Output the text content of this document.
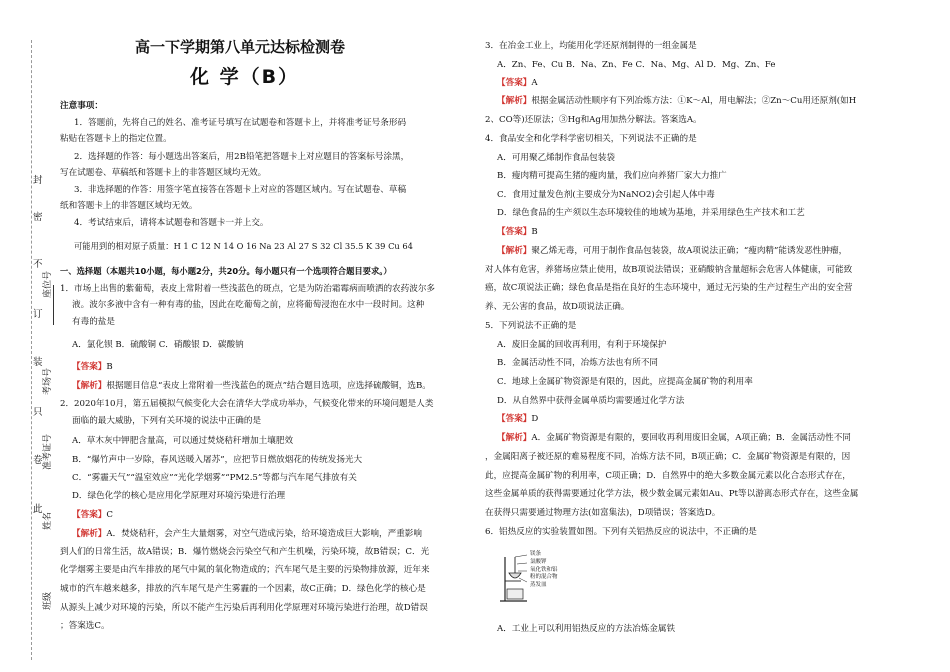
封
密
不
订
装
只
卷
此
座位号
考场号
准考证号
姓名
班级
高一下学期第八单元达标检测卷
化 学（B）
注意事项：
1．答题前，先将自己的姓名、准考证号填写在试题卷和答题卡上，并将准考证号条形码
粘贴在答题卡上的指定位置。
2．选择题的作答：每小题选出答案后，用2B铅笔把答题卡上对应题目的答案标号涂黑，
写在试题卷、草稿纸和答题卡上的非答题区域均无效。
3．非选择题的作答：用签字笔直接答在答题卡上对应的答题区域内。写在试题卷、草稿
纸和答题卡上的非答题区域均无效。
4．考试结束后，请将本试题卷和答题卡一并上交。
可能用到的相对原子质量：H 1 C 12 N 14 O 16 Na 23 Al 27 S 32 Cl 35.5 K 39 Cu 64
一、选择题（本题共10小题，每小题2分，共20分。每小题只有一个选项符合题目要求。）
1．市场上出售的紫葡萄，表皮上常附着一些浅蓝色的斑点，它是为防治霜霉病而喷洒的农药波尔多
液。波尔多液中含有一种有毒的盐，因此在吃葡萄之前，应将葡萄浸泡在水中一段时间。这种
有毒的盐是
A．氯化钡 B．硫酸铜 C．硝酸银 D．碳酸钠
【答案】B
【解析】根据题目信息“表皮上常附着一些浅蓝色的斑点”结合题目选项，应选择硫酸铜，选B。
2．2020年10月，第五届模拟气候变化大会在清华大学成功举办，气候变化带来的环境问题是人类
面临的最大威胁，下列有关环境的说法中正确的是
A．草木灰中钾肥含量高，可以通过焚烧秸秆增加土壤肥效
B．“爆竹声中一岁除，春风送暖入屠苏”，应把节日燃放烟花的传统发扬光大
C．“雾霾天气”“温室效应”“光化学烟雾”“PM2.5”等都与汽车尾气排放有关
D．绿色化学的核心是应用化学原理对环境污染进行治理
【答案】C
【解析】A．焚烧秸秆，会产生大量烟雾，对空气造成污染，给环境造成巨大影响，严重影响
到人们的日常生活，故A错误；B．爆竹燃烧会污染空气和产生机噪，污染环境，故B错误；C．光
化学烟雾主要是由汽车排放的尾气中氮的氧化物造成的；汽车尾气是主要的污染物排放源，近年来
城市的汽车越来越多，排放的汽车尾气是产生雾霾的一个因素，故C正确；D．绿色化学的核心是
从源头上减少对环境的污染，所以不能产生污染后再利用化学原理对环境污染进行治理，故D错误
；答案选C。
3．在冶金工业上，均能用化学还原剂制得的一组金属是
A．Zn、Fe、Cu B．Na、Zn、Fe C．Na、Mg、Al D．Mg、Zn、Fe
【答案】A
【解析】根据金属活动性顺序有下列冶炼方法：①K～Al，用电解法；②Zn～Cu用还原剂(如H
2、CO等)还原法；③Hg和Ag用加热分解法。答案选A。
4．食品安全和化学科学密切相关，下列说法不正确的是
A．可用聚乙烯制作食品包装袋
B．瘦肉精可提高生猪的瘦肉量，我们应向养猪厂家大力推广
C．食用过量发色剂(主要成分为NaNO2)会引起人体中毒
D．绿色食品的生产须以生态环境较佳的地域为基地，并采用绿色生产技术和工艺
【答案】B
【解析】聚乙烯无毒，可用于制作食品包装袋，故A项说法正确；“瘦肉精”能诱发恶性肿瘤，
对人体有危害，养猪场应禁止使用，故B项说法错误；亚硝酸钠含量超标会危害人体健康，可能致
癌，故C项说法正确；绿色食品是指在良好的生态环境中，通过无污染的生产过程生产出的安全营
养、无公害的食品，故D项说法正确。
5．下列说法不正确的是
A．废旧金属的回收再利用，有利于环境保护
B．金属活动性不同，冶炼方法也有所不同
C．地球上金属矿物资源是有限的，因此，应提高金属矿物的利用率
D．从自然界中获得金属单质均需要通过化学方法
【答案】D
【解析】A．金属矿物资源是有限的，要回收再利用废旧金属，A项正确；B．金属活动性不同
，金属阳离子被还原的难易程度不同，冶炼方法不同，B项正确；C．金属矿物资源是有限的，因
此，应提高金属矿物的利用率，C项正确；D．自然界中的绝大多数金属元素以化合态形式存在，
这些金属单质的获得需要通过化学方法，极少数金属元素如Au、Pt等以游离态形式存在，这些金属
在获得只需要通过物理方法(如富集法)，D项错误；答案选D。
6．铝热反应的实验装置如图。下列有关铝热反应的说法中，不正确的是
镁条
氯酸钾
氧化铁和铝
粉的混合物
蒸发皿
A．工业上可以利用铝热反应的方法冶炼金属铁
